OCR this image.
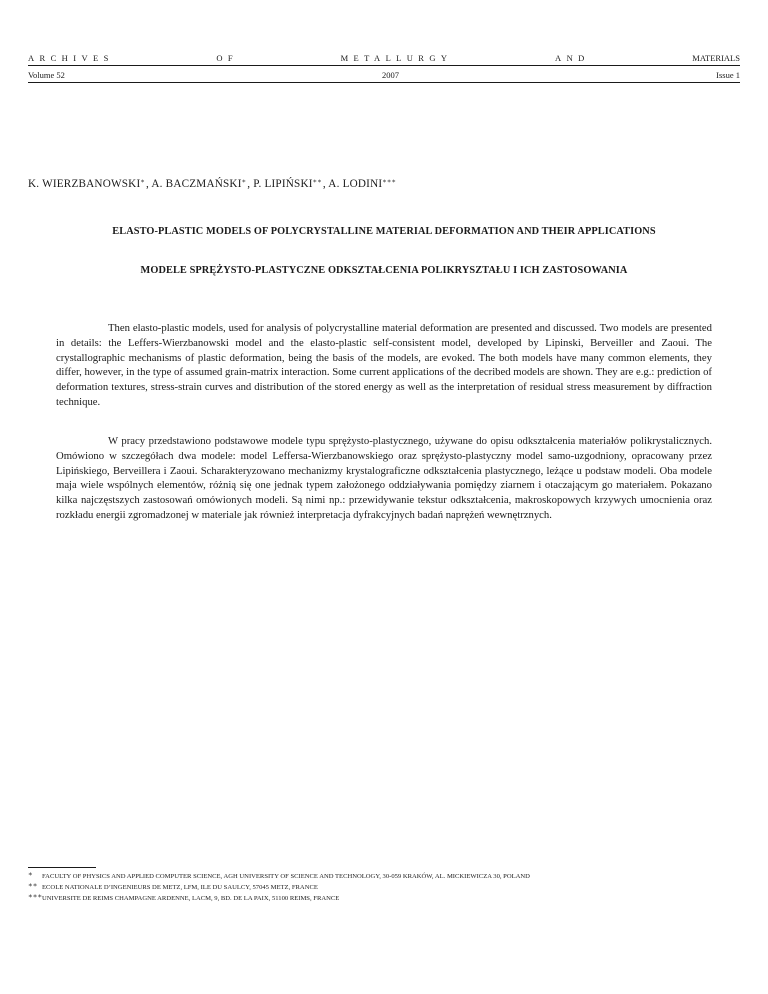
ARCHIVES	OF	METALLURGY	AND	MATERIALS
Volume 52	2007	Issue 1
K. WIERZBANOWSKI∗, A. BACZMAŃSKI∗, P. LIPIŃSKI∗∗, A. LODINI∗∗∗
ELASTO-PLASTIC MODELS OF POLYCRYSTALLINE MATERIAL DEFORMATION AND THEIR APPLICATIONS
MODELE SPRĘŻYSTO-PLASTYCZNE ODKSZTAŁCENIA POLIKRYSZTAŁU I ICH ZASTOSOWANIA

Then elasto-plastic models, used for analysis of polycrystalline material deformation are presented and discussed. Two models are presented in details: the Leffers-Wierzbanowski model and the elasto-plastic self-consistent model, developed by Lipinski, Berveiller and Zaoui. The crystallographic mechanisms of plastic deformation, being the basis of the models, are evoked. The both models have many common elements, they differ, however, in the type of assumed grain-matrix interaction. Some current applications of the decribed models are shown. They are e.g.: prediction of deformation textures, stress-strain curves and distribution of the stored energy as well as the interpretation of residual stress measurement by diffraction technique.

W pracy przedstawiono podstawowe modele typu sprężysto-plastycznego, używane do opisu odkształcenia materiałów polikrystalicznych. Omówiono w szczegółach dwa modele: model Leffersa-Wierzbanowskiego oraz sprężysto-plastyczny model samo-uzgodniony, opracowany przez Lipińskiego, Berveillera i Zaoui. Scharakteryzowano mechanizmy krystalograficzne odkształcenia plastycznego, leżące u podstaw modeli. Oba modele maja wiele wspólnych elementów, różnią się one jednak typem założonego oddziaływania pomiędzy ziarnem i otaczającym go materiałem. Pokazano kilka najczęstszych zastosowań omówionych modeli. Są nimi np.: przewidywanie tekstur odkształcenia, makroskopowych krzywych umocnienia oraz rozkładu energii zgromadzonej w materiale jak również interpretacja dyfrakcyjnych badań naprężeń wewnętrznych.

∗ FACULTY OF PHYSICS AND APPLIED COMPUTER SCIENCE, AGH UNIVERSITY OF SCIENCE AND TECHNOLOGY, 30-059 KRAKÓW, AL. MICKIEWICZA 30, POLAND
∗∗ ECOLE NATIONALE D’INGENIEURS DE METZ, LFM, ILE DU SAULCY, 57045 METZ, FRANCE
∗∗∗UNIVERSITE DE REIMS CHAMPAGNE ARDENNE, LACM, 9, BD. DE LA PAIX, 51100 REIMS, FRANCE
